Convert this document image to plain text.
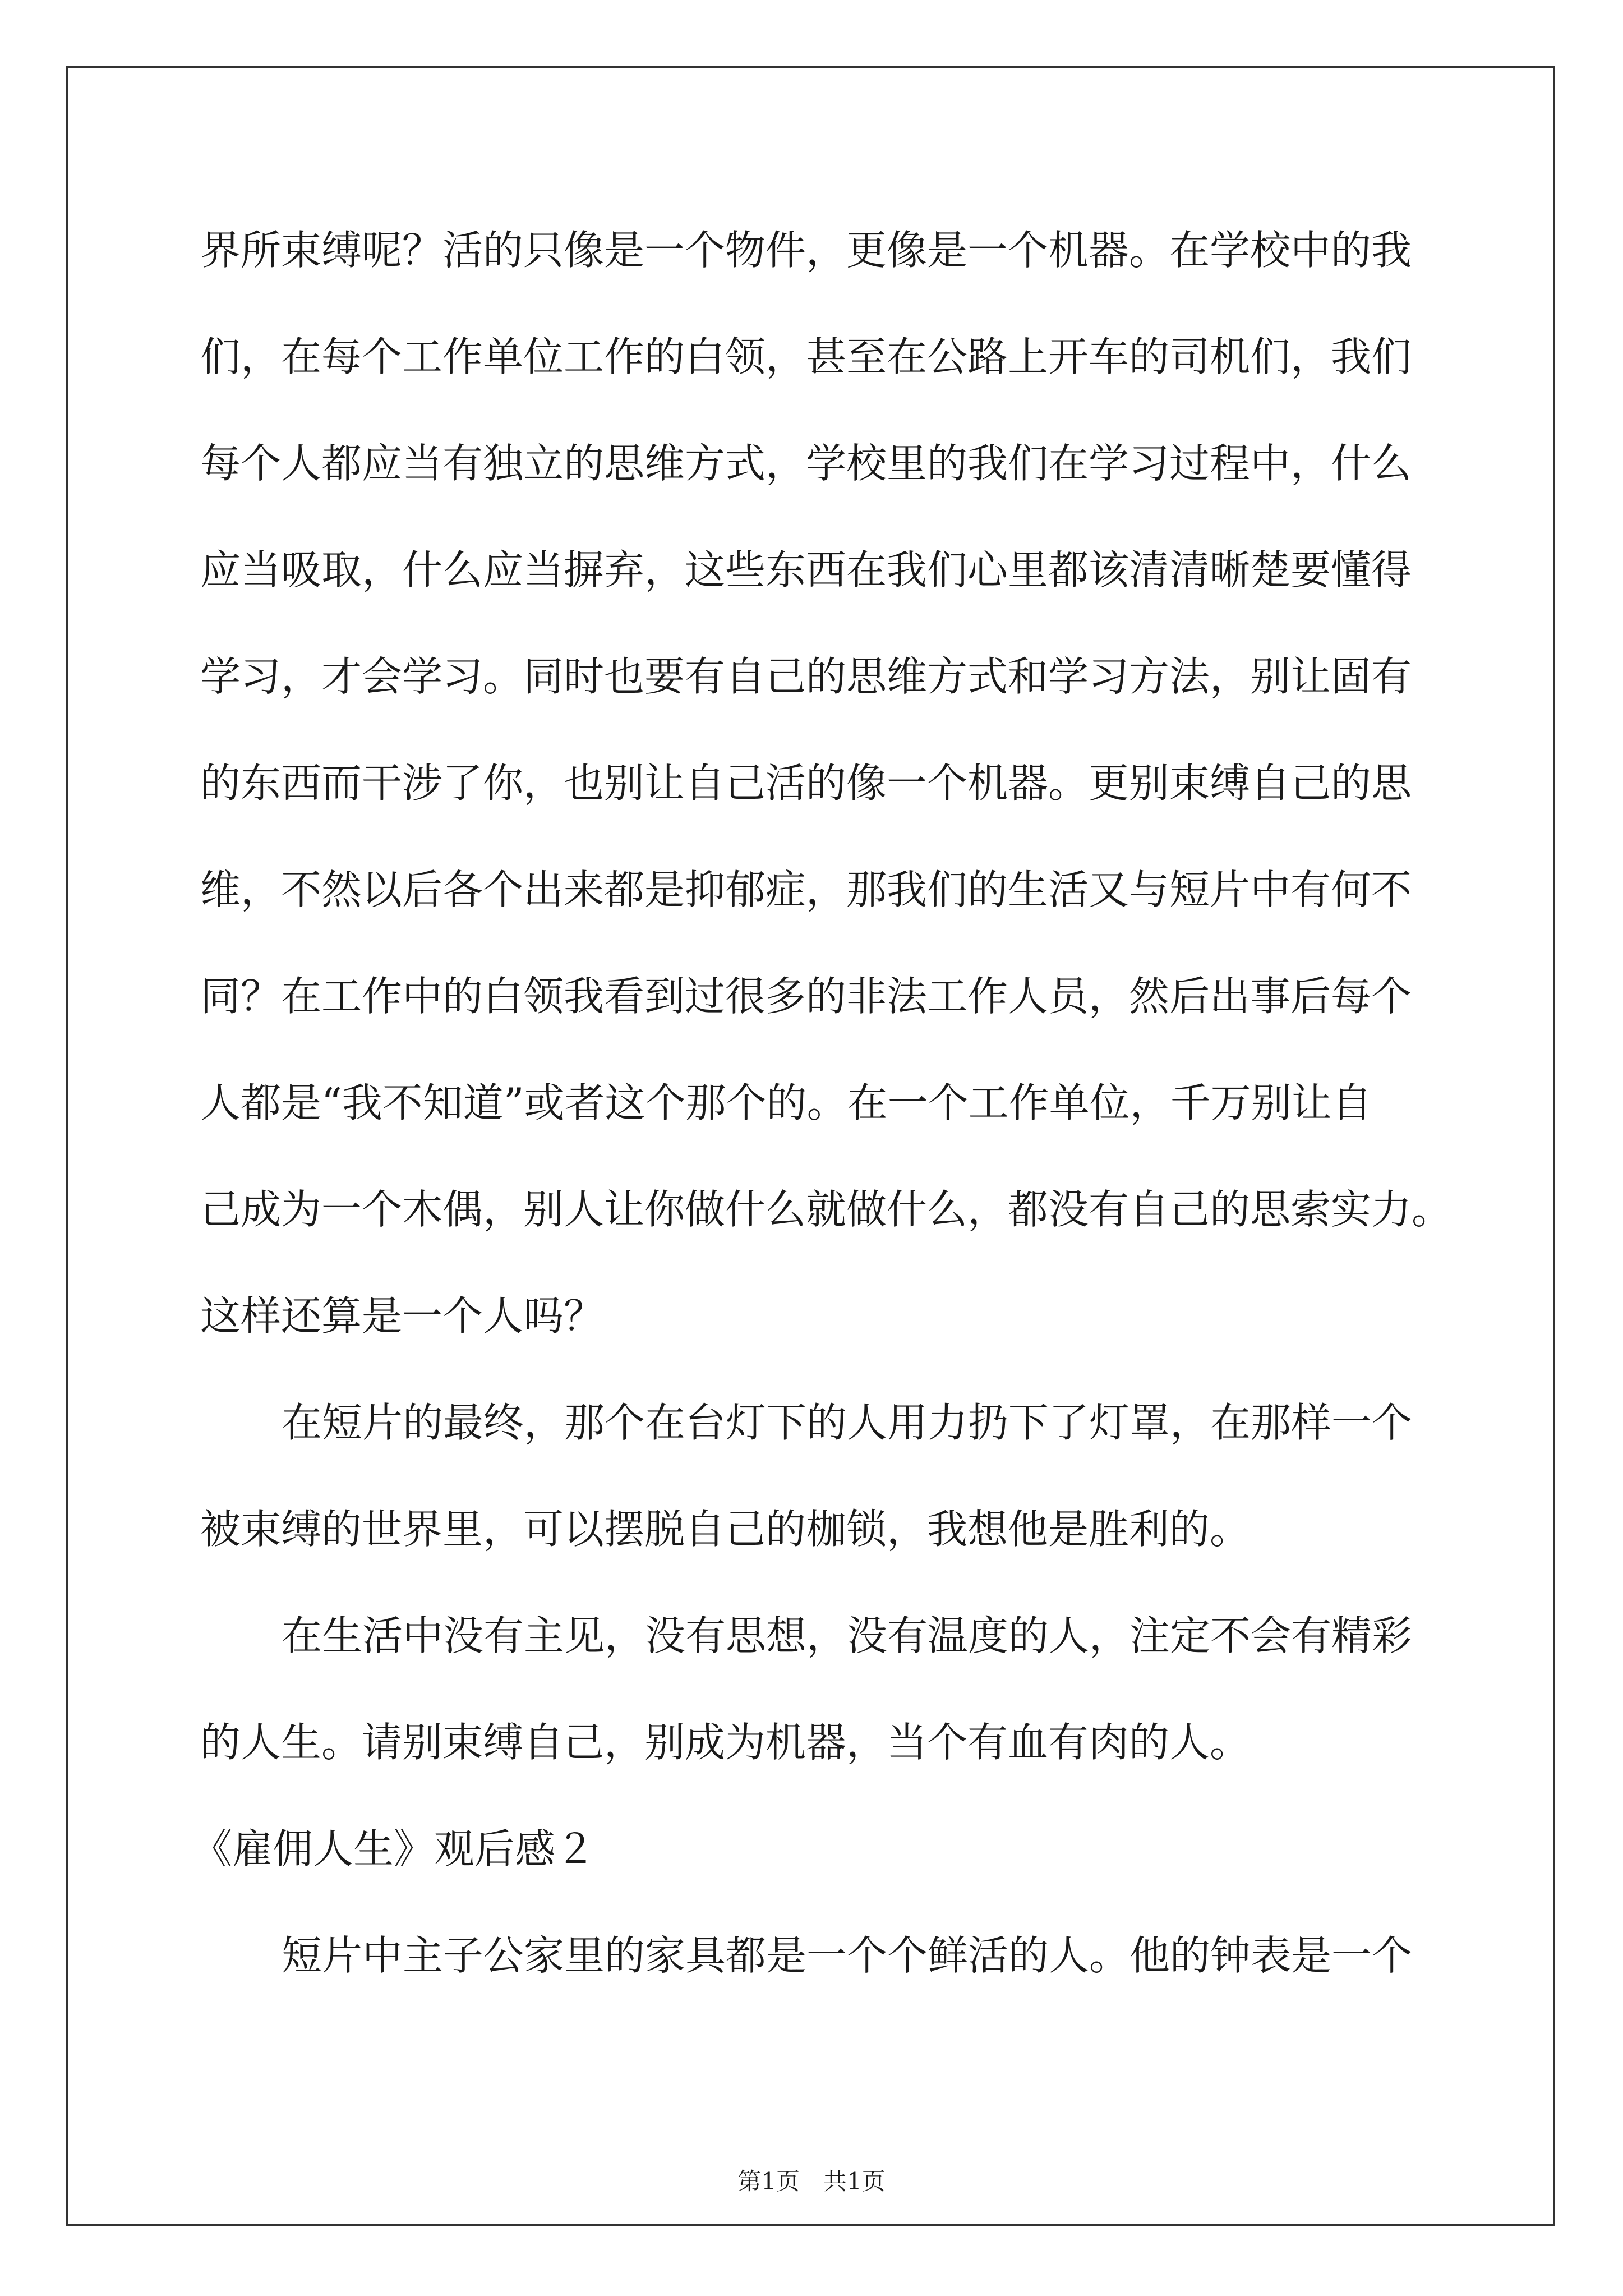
界所束缚呢？活的只像是一个物件，更像是一个机器。在学校中的我
们，在每个工作单位工作的白领，甚至在公路上开车的司机们，我们
每个人都应当有独立的思维方式，学校里的我们在学习过程中，什么
应当吸取，什么应当摒弃，这些东西在我们心里都该清清晰楚要懂得
学习，才会学习。同时也要有自己的思维方式和学习方法，别让固有
的东西而干涉了你，也别让自己活的像一个机器。更别束缚自己的思
维，不然以后各个出来都是抑郁症，那我们的生活又与短片中有何不
同？在工作中的白领我看到过很多的非法工作人员，然后出事后每个
人都是“我不知道”或者这个那个的。在一个工作单位，千万别让自
己成为一个木偶，别人让你做什么就做什么，都没有自己的思索实力。
这样还算是一个人吗？
在短片的最终，那个在台灯下的人用力扔下了灯罩，在那样一个
被束缚的世界里，可以摆脱自己的枷锁，我想他是胜利的。
在生活中没有主见，没有思想，没有温度的人，注定不会有精彩
的人生。请别束缚自己，别成为机器，当个有血有肉的人。
《雇佣人生》观后感２
短片中主子公家里的家具都是一个个鲜活的人。他的钟表是一个
第1页　共1页
